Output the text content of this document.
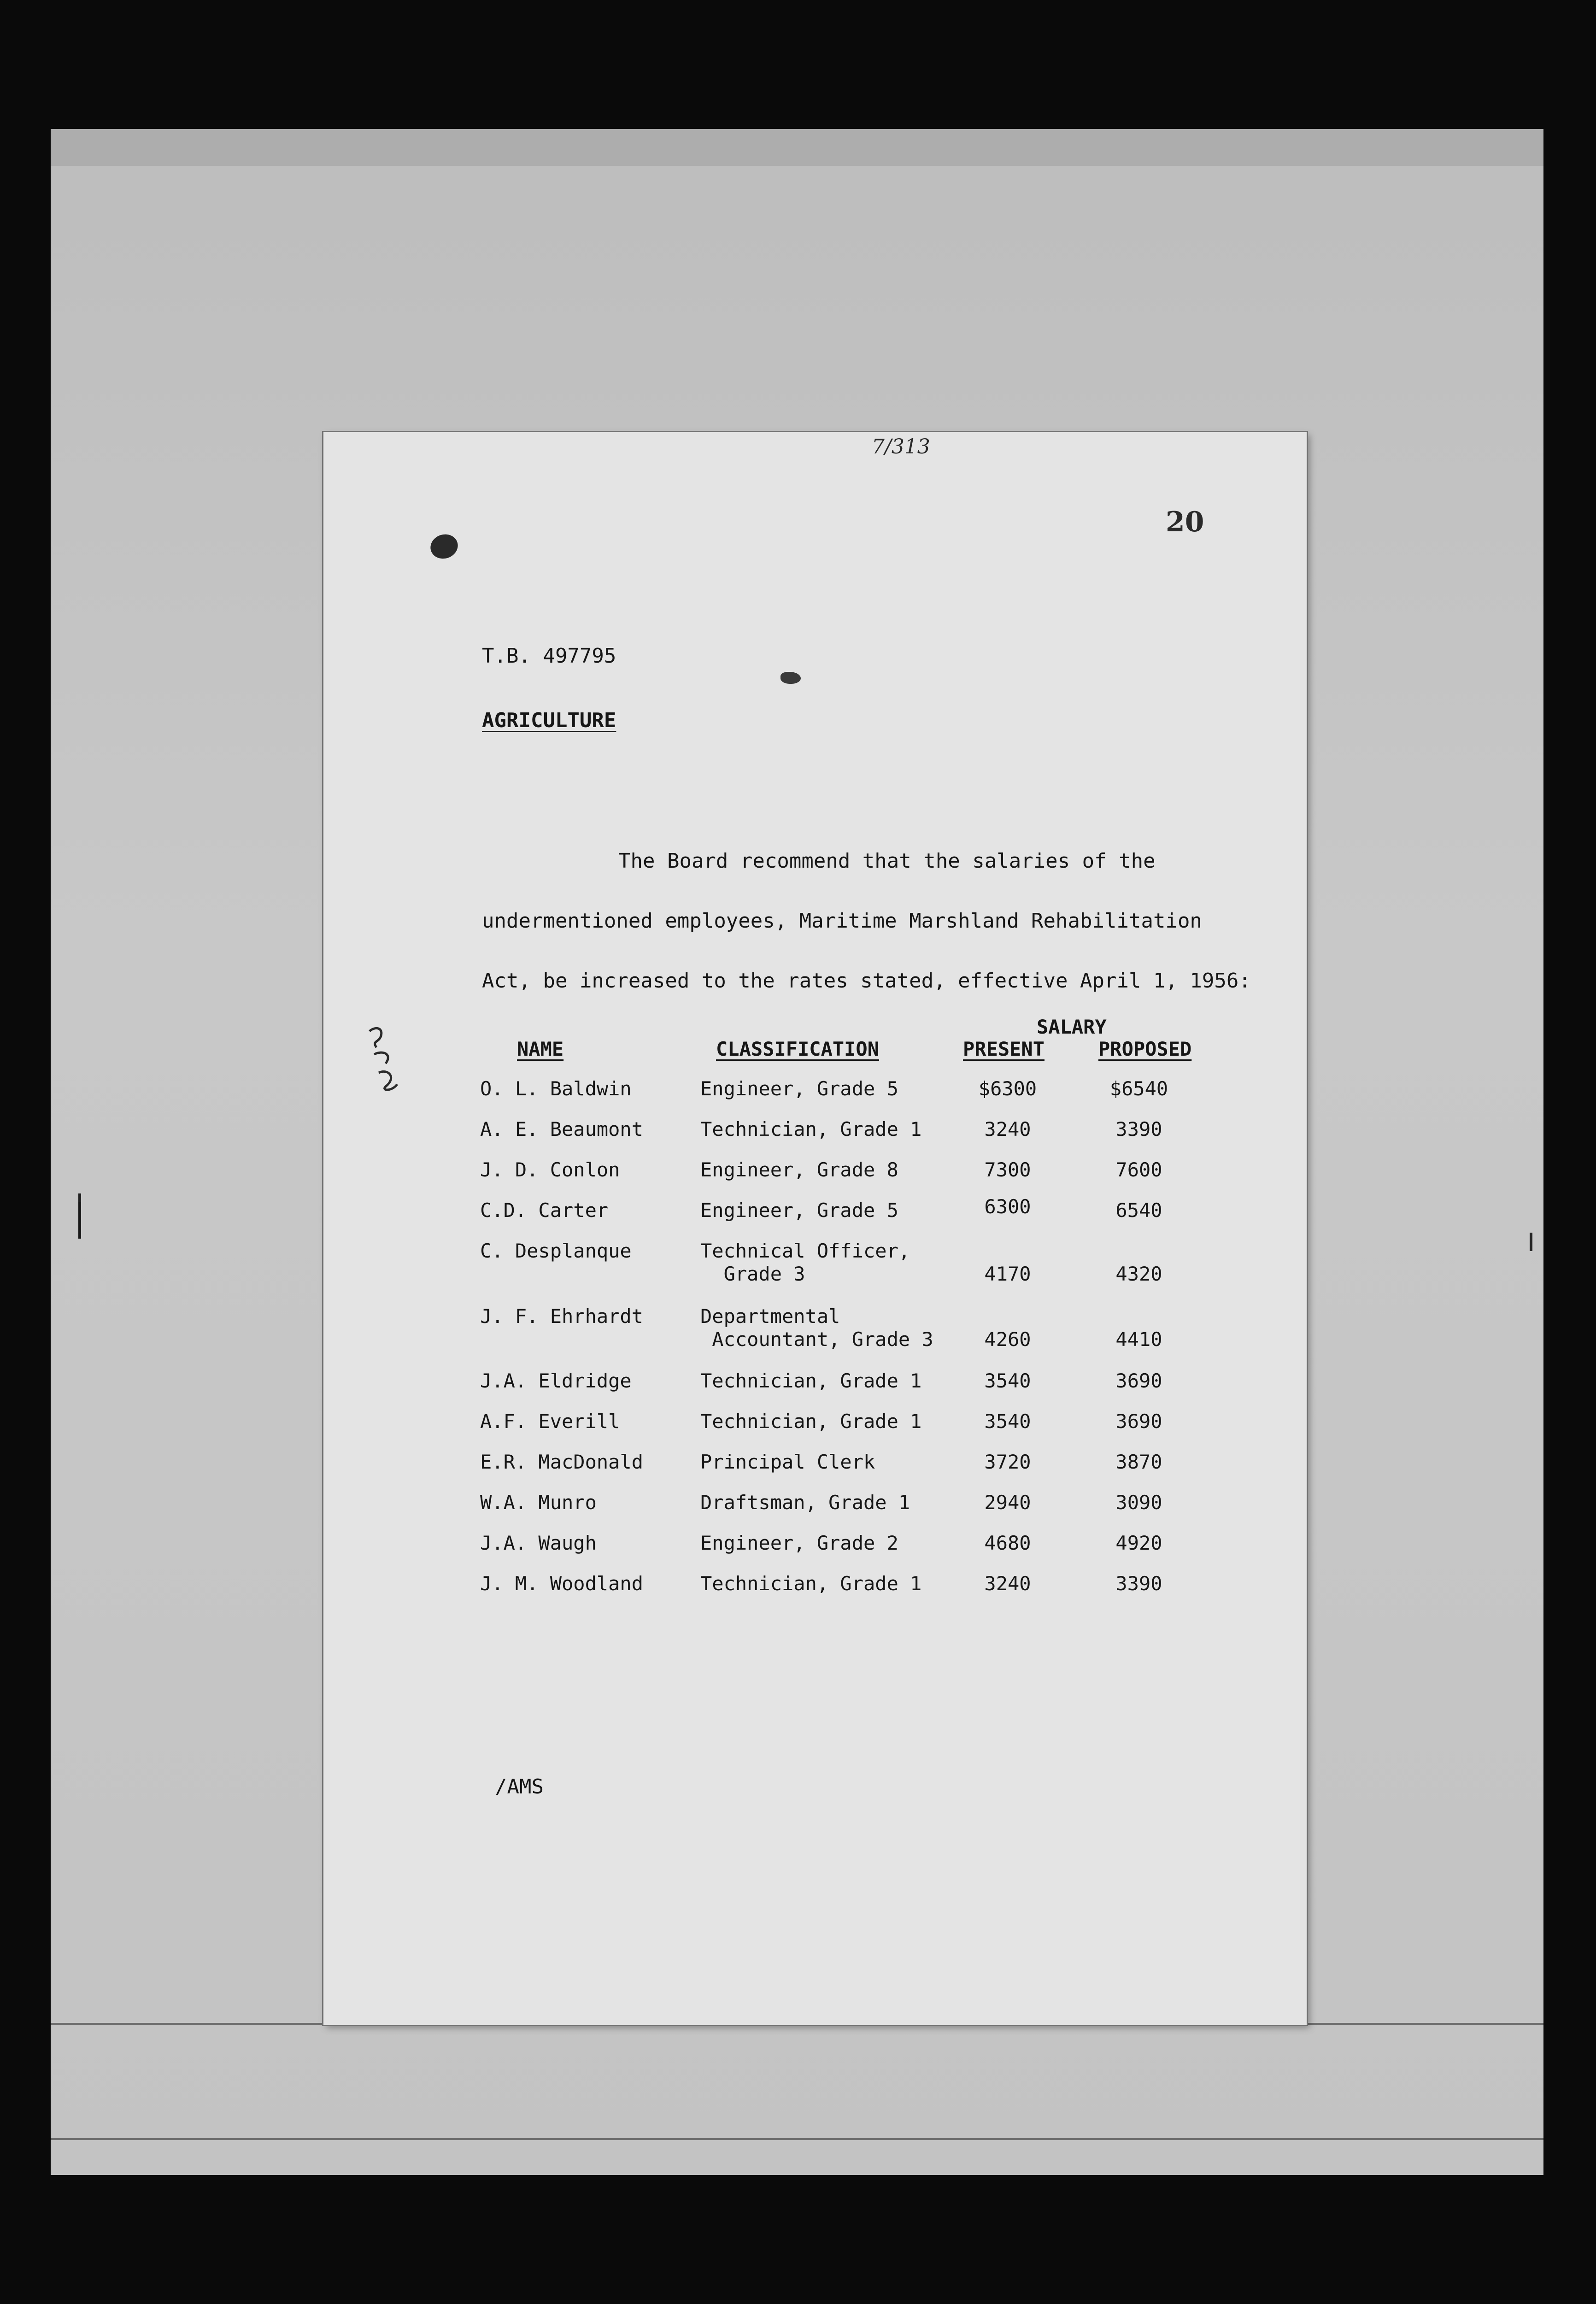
7/313
20
T.B. 497795
AGRICULTURE
The Board recommend that the salaries of the
undermentioned employees, Maritime Marshland Rehabilitation
Act, be increased to the rates stated, effective April 1, 1956:
SALARY
NAME	CLASSIFICATION	PRESENT	PROPOSED
O. L. Baldwin	Engineer, Grade 5	$6300	$6540
A. E. Beaumont	Technician, Grade 1	3240	3390
J. D. Conlon	Engineer, Grade 8	7300	7600
C.D. Carter	Engineer, Grade 5	6300	6540
C. Desplanque	Technical Officer,
Grade 3	4170	4320
J. F. Ehrhardt	Departmental
Accountant, Grade 3	4260	4410
J.A. Eldridge	Technician, Grade 1	3540	3690
A.F. Everill	Technician, Grade 1	3540	3690
E.R. MacDonald	Principal Clerk	3720	3870
W.A. Munro	Draftsman, Grade 1	2940	3090
J.A. Waugh	Engineer, Grade 2	4680	4920
J. M. Woodland	Technician, Grade 1	3240	3390
/AMS
